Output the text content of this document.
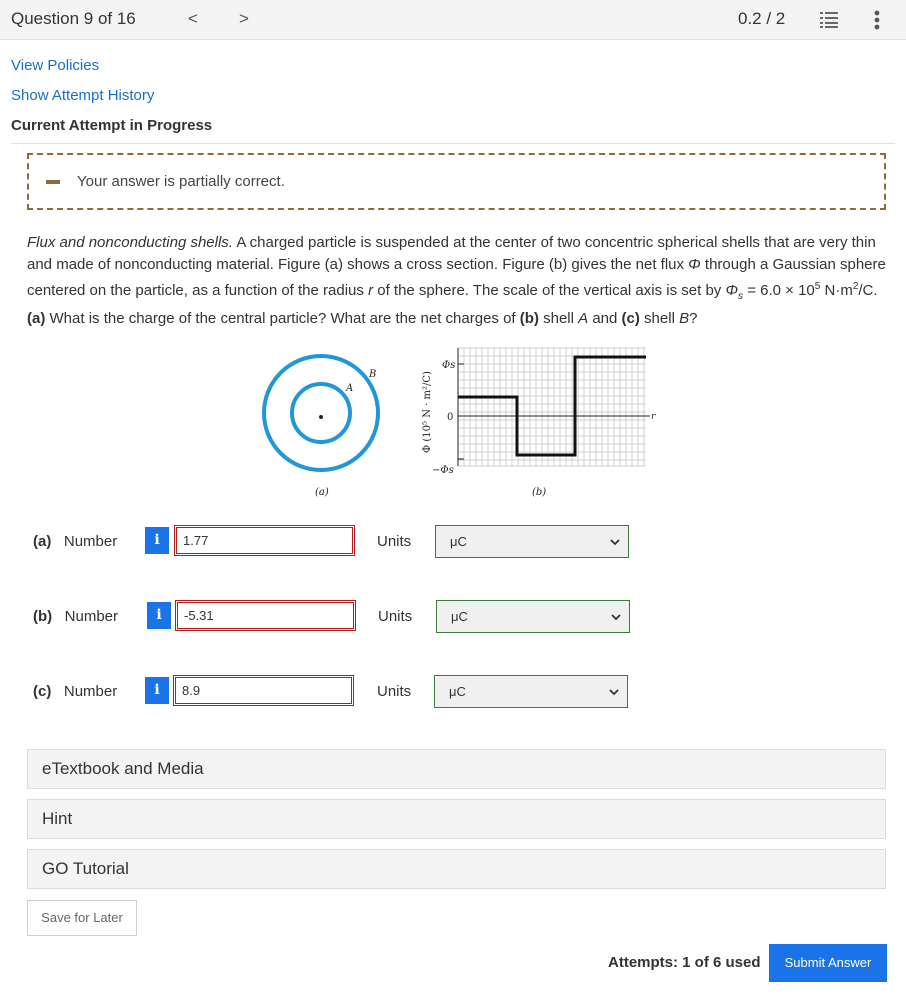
Question 9 of 16	< >	0.2 / 2
View Policies
Show Attempt History
Current Attempt in Progress
Your answer is partially correct.
Flux and nonconducting shells. A charged particle is suspended at the center of two concentric spherical shells that are very thin and made of nonconducting material. Figure (a) shows a cross section. Figure (b) gives the net flux Φ through a Gaussian sphere centered on the particle, as a function of the radius r of the sphere. The scale of the vertical axis is set by $\Phi_s = 6.0 \times 10^5$ $N\cdot m^2/C$. (a) What is the charge of the central particle? What are the net charges of (b) shell A and (c) shell B?
B
A
(a)
Φ (10⁵ N · m²/C)
Φs
0
−Φs
r
(b)
(a) Number	i
1.77	Units	μC
(b) Number	i
-5.31	Units	μC
(c) Number	i
8.9	Units	μC
eTextbook and Media
Hint
GO Tutorial
Save for Later
Attempts: 1 of 6 used	Submit Answer
